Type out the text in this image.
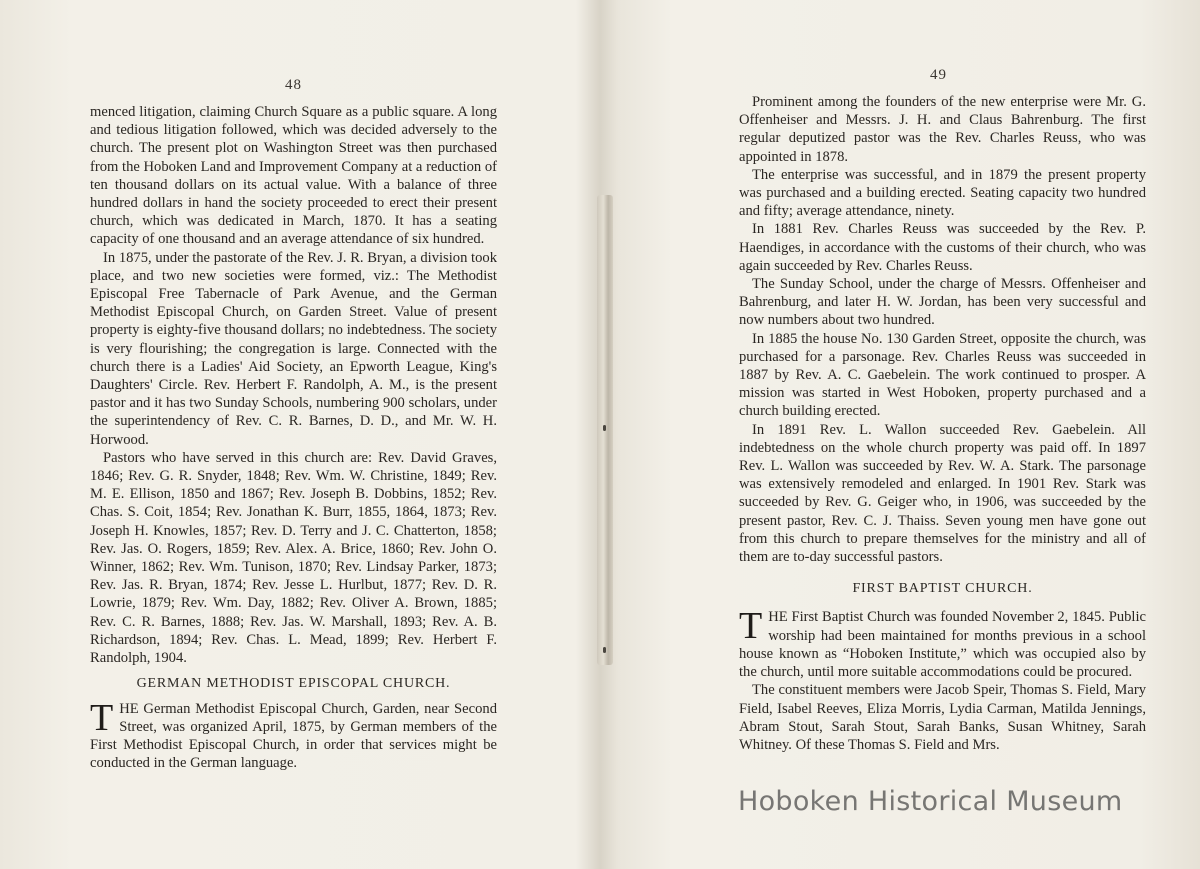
48

menced litigation, claiming Church Square as a public square. A long and tedious litigation followed, which was decided adversely to the church. The present plot on Washington Street was then purchased from the Hoboken Land and Improvement Company at a reduction of ten thousand dollars on its actual value. With a balance of three hundred dollars in hand the society proceeded to erect their present church, which was dedicated in March, 1870. It has a seating capacity of one thousand and an average attendance of six hundred.

In 1875, under the pastorate of the Rev. J. R. Bryan, a division took place, and two new societies were formed, viz.: The Methodist Episcopal Free Tabernacle of Park Avenue, and the German Methodist Episcopal Church, on Garden Street. Value of present property is eighty-five thousand dollars; no indebtedness. The society is very flourishing; the congregation is large. Connected with the church there is a Ladies' Aid Society, an Epworth League, King's Daughters' Circle. Rev. Herbert F. Randolph, A. M., is the present pastor and it has two Sunday Schools, numbering 900 scholars, under the superintendency of Rev. C. R. Barnes, D. D., and Mr. W. H. Horwood.

Pastors who have served in this church are: Rev. David Graves, 1846; Rev. G. R. Snyder, 1848; Rev. Wm. W. Christine, 1849; Rev. M. E. Ellison, 1850 and 1867; Rev. Joseph B. Dobbins, 1852; Rev. Chas. S. Coit, 1854; Rev. Jonathan K. Burr, 1855, 1864, 1873; Rev. Joseph H. Knowles, 1857; Rev. D. Terry and J. C. Chatterton, 1858; Rev. Jas. O. Rogers, 1859; Rev. Alex. A. Brice, 1860; Rev. John O. Winner, 1862; Rev. Wm. Tunison, 1870; Rev. Lindsay Parker, 1873; Rev. Jas. R. Bryan, 1874; Rev. Jesse L. Hurlbut, 1877; Rev. D. R. Lowrie, 1879; Rev. Wm. Day, 1882; Rev. Oliver A. Brown, 1885; Rev. C. R. Barnes, 1888; Rev. Jas. W. Marshall, 1893; Rev. A. B. Richardson, 1894; Rev. Chas. L. Mead, 1899; Rev. Herbert F. Randolph, 1904.

GERMAN METHODIST EPISCOPAL CHURCH.

THE German Methodist Episcopal Church, Garden, near Second Street, was organized April, 1875, by German members of the First Methodist Episcopal Church, in order that services might be conducted in the German language.

49

Prominent among the founders of the new enterprise were Mr. G. Offenheiser and Messrs. J. H. and Claus Bahrenburg. The first regular deputized pastor was the Rev. Charles Reuss, who was appointed in 1878.

The enterprise was successful, and in 1879 the present property was purchased and a building erected. Seating capacity two hundred and fifty; average attendance, ninety.

In 1881 Rev. Charles Reuss was succeeded by the Rev. P. Haendiges, in accordance with the customs of their church, who was again succeeded by Rev. Charles Reuss.

The Sunday School, under the charge of Messrs. Offenheiser and Bahrenburg, and later H. W. Jordan, has been very successful and now numbers about two hundred.

In 1885 the house No. 130 Garden Street, opposite the church, was purchased for a parsonage. Rev. Charles Reuss was succeeded in 1887 by Rev. A. C. Gaebelein. The work continued to prosper. A mission was started in West Hoboken, property purchased and a church building erected.

In 1891 Rev. L. Wallon succeeded Rev. Gaebelein. All indebtedness on the whole church property was paid off. In 1897 Rev. L. Wallon was succeeded by Rev. W. A. Stark. The parsonage was extensively remodeled and enlarged. In 1901 Rev. Stark was succeeded by Rev. G. Geiger who, in 1906, was succeeded by the present pastor, Rev. C. J. Thaiss. Seven young men have gone out from this church to prepare themselves for the ministry and all of them are to-day successful pastors.

FIRST BAPTIST CHURCH.

THE First Baptist Church was founded November 2, 1845. Public worship had been maintained for months previous in a school house known as “Hoboken Institute,” which was occupied also by the church, until more suitable accommodations could be procured.

The constituent members were Jacob Speir, Thomas S. Field, Mary Field, Isabel Reeves, Eliza Morris, Lydia Carman, Matilda Jennings, Abram Stout, Sarah Stout, Sarah Banks, Susan Whitney, Sarah Whitney. Of these Thomas S. Field and Mrs.

Hoboken Historical Museum
